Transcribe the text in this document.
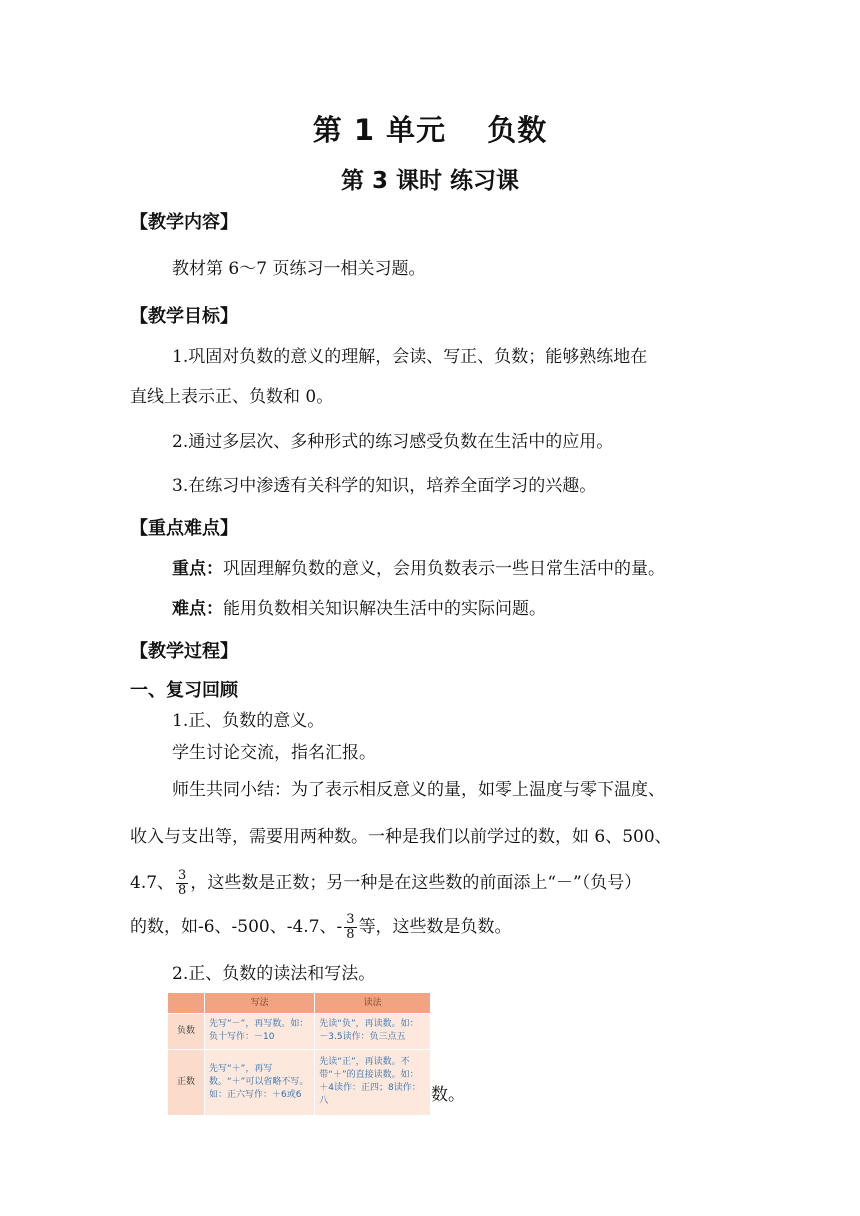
第 1 单元　 负数
第 3 课时 练习课
【教学内容】
教材第 6～7 页练习一相关习题。
【教学目标】
1.巩固对负数的意义的理解，会读、写正、负数；能够熟练地在
直线上表示正、负数和 0。
2.通过多层次、多种形式的练习感受负数在生活中的应用。
3.在练习中渗透有关科学的知识，培养全面学习的兴趣。
【重点难点】
重点：巩固理解负数的意义，会用负数表示一些日常生活中的量。
难点：能用负数相关知识解决生活中的实际问题。
【教学过程】
一、复习回顾
1.正、负数的意义。
学生讨论交流，指名汇报。
师生共同小结：为了表示相反意义的量，如零上温度与零下温度、
收入与支出等，需要用两种数。一种是我们以前学过的数，如 6、500、
4.7、 $\frac{3}{8}$ ，这些数是正数；另一种是在这些数的前面添上“－”（负号）
的数，如-6、-500、-4.7、- $\frac{3}{8}$ 等，这些数是负数。
2.正、负数的读法和写法。
	写法	读法
负数	先写“－”，再写数。如：负十写作：－10	先读“负”，再读数。如：－3.5读作：负三点五
正数	先写“＋”，再写数。“＋”可以省略不写。如：正六写作：＋6或6	先读“正”，再读数。不带“＋”的直接读数。如：＋4读作：正四；8读作：八	数。
